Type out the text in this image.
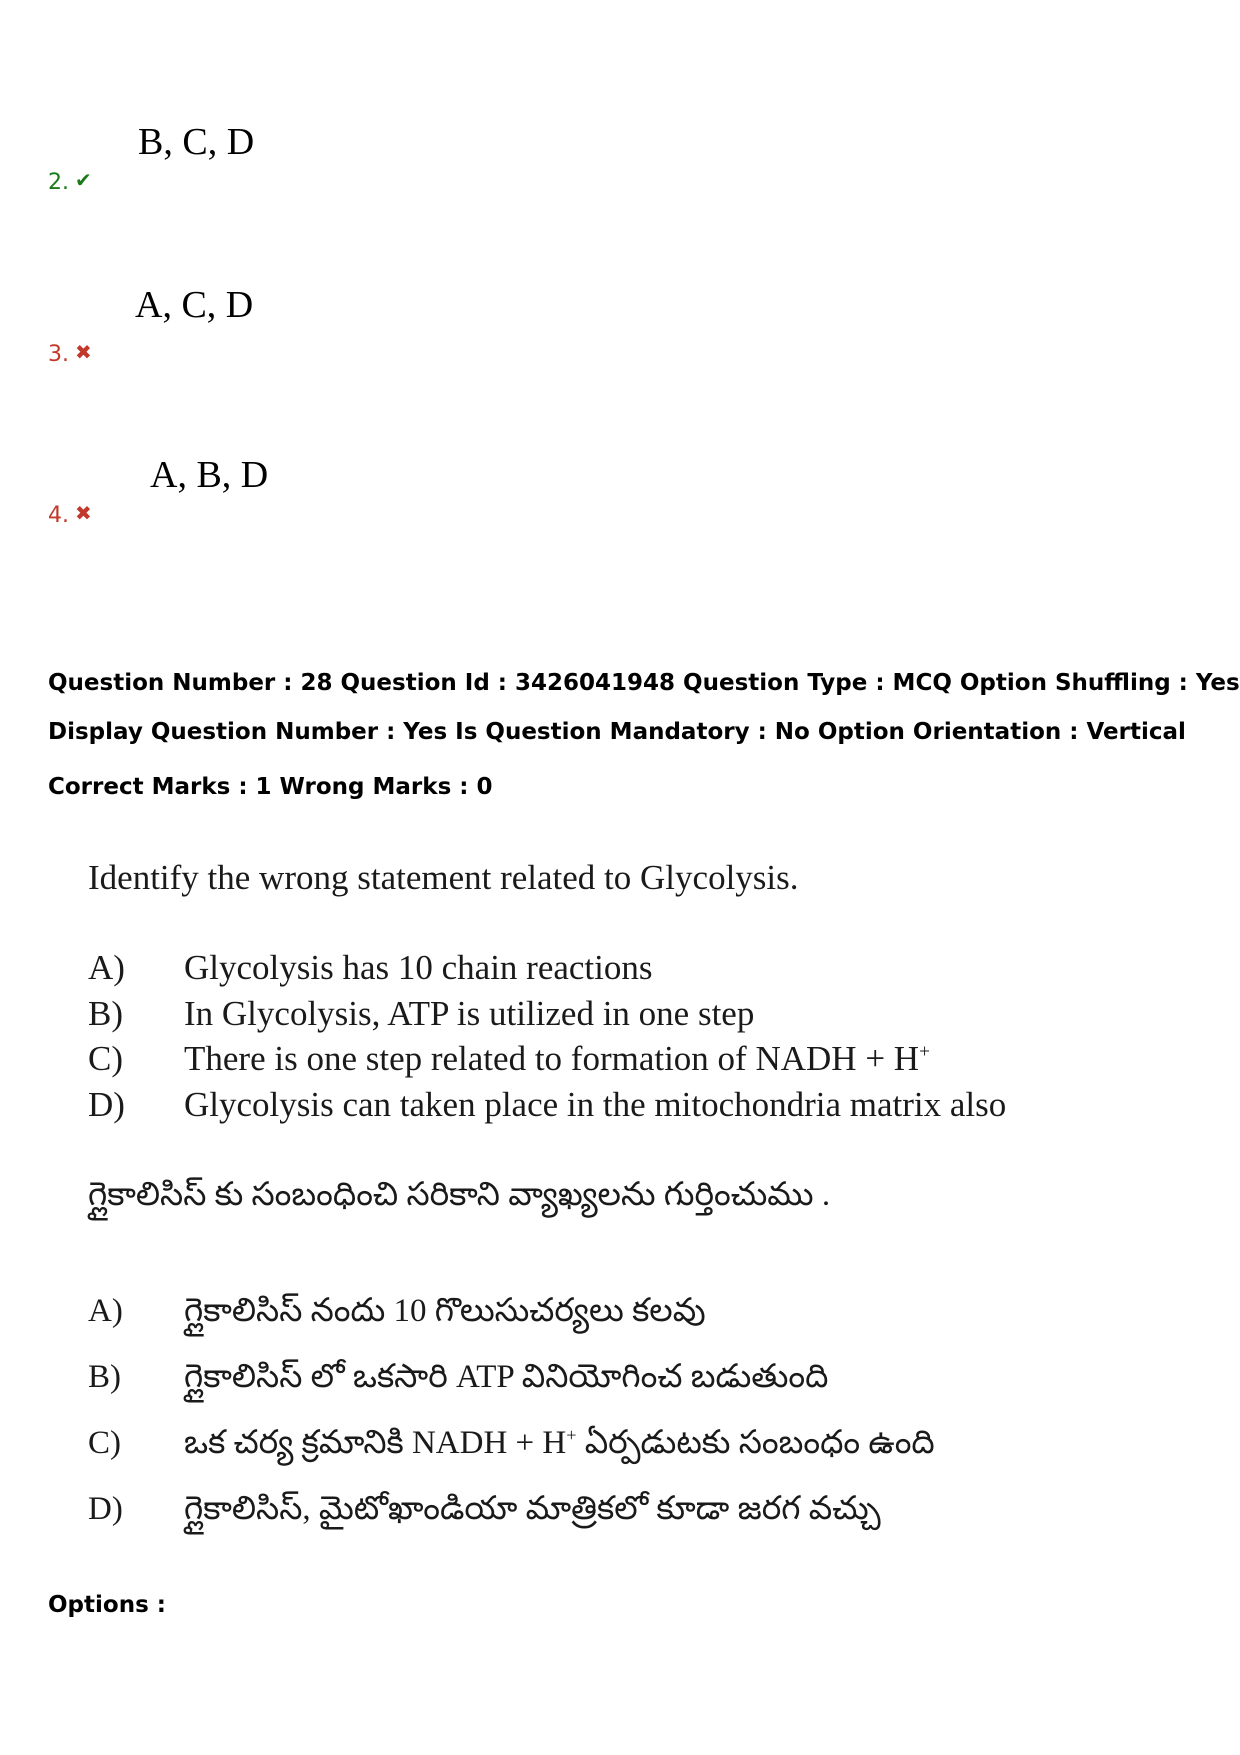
B, C, D
2. ✔
A, C, D
3. ✖
A, B, D
4. ✖
Question Number : 28 Question Id : 3426041948 Question Type : MCQ Option Shuffling : Yes
Display Question Number : Yes Is Question Mandatory : No Option Orientation : Vertical
Correct Marks : 1 Wrong Marks : 0
Identify the wrong statement related to Glycolysis.
A) Glycolysis has 10 chain reactions
B) In Glycolysis, ATP is utilized in one step
C) There is one step related to formation of NADH + H+
D) Glycolysis can taken place in the mitochondria matrix also
గ్లైకాలిసిస్ కు సంబంధించి సరికాని వ్యాఖ్యలను గుర్తించుము .
A) గ్లైకాలిసిస్ నందు 10 గొలుసుచర్యలు కలవు
B) గ్లైకాలిసిస్ లో ఒకసారి ATP వినియోగించ బడుతుంది
C) ఒక చర్య క్రమానికి NADH + H+ ఏర్పడుటకు సంబంధం ఉంది
D) గ్లైకాలిసిస్, మైటోఖాండియా మాత్రికలో కూడా జరగ వచ్చు
Options :
